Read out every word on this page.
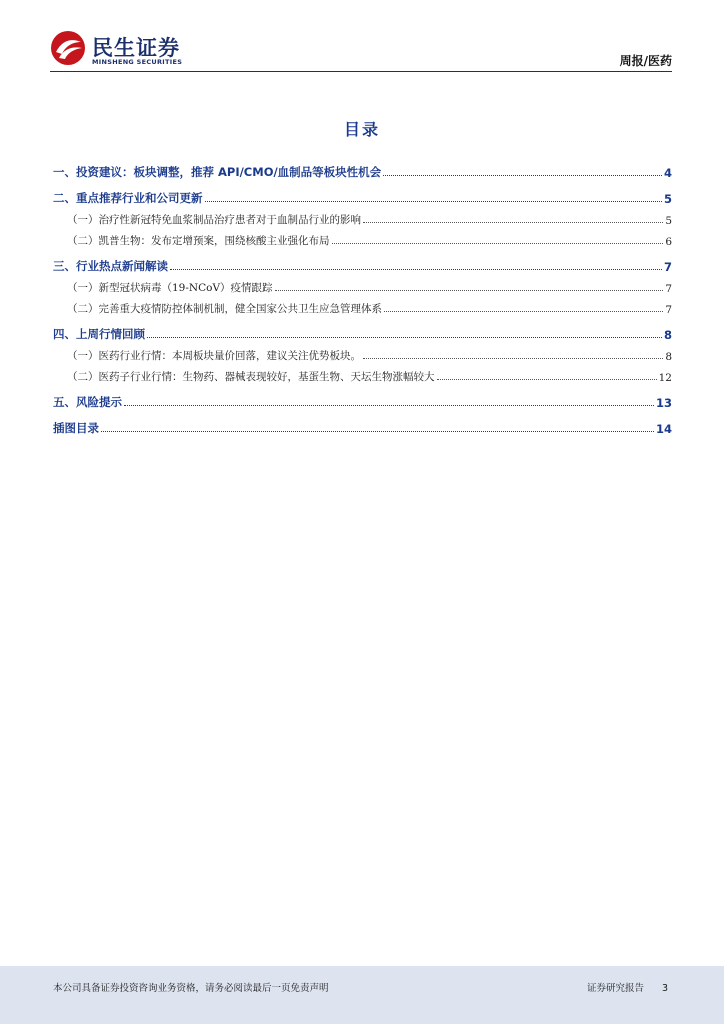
民生证券
MINSHENG SECURITIES	周报/医药
目录
一、投资建议：板块调整，推荐 API/CMO/血制品等板块性机会	4
二、重点推荐行业和公司更新	5
（一）治疗性新冠特免血浆制品治疗患者对于血制品行业的影响	5
（二）凯普生物：发布定增预案，围绕核酸主业强化布局	6
三、行业热点新闻解读	7
（一）新型冠状病毒（19-NCoV）疫情跟踪	7
（二）完善重大疫情防控体制机制，健全国家公共卫生应急管理体系	7
四、上周行情回顾	8
（一）医药行业行情：本周板块量价回落，建议关注优势板块。	8
（二）医药子行业行情：生物药、器械表现较好，基蛋生物、天坛生物涨幅较大	12
五、风险提示	13
插图目录	14
本公司具备证券投资咨询业务资格，请务必阅读最后一页免责声明	证券研究报告 3
